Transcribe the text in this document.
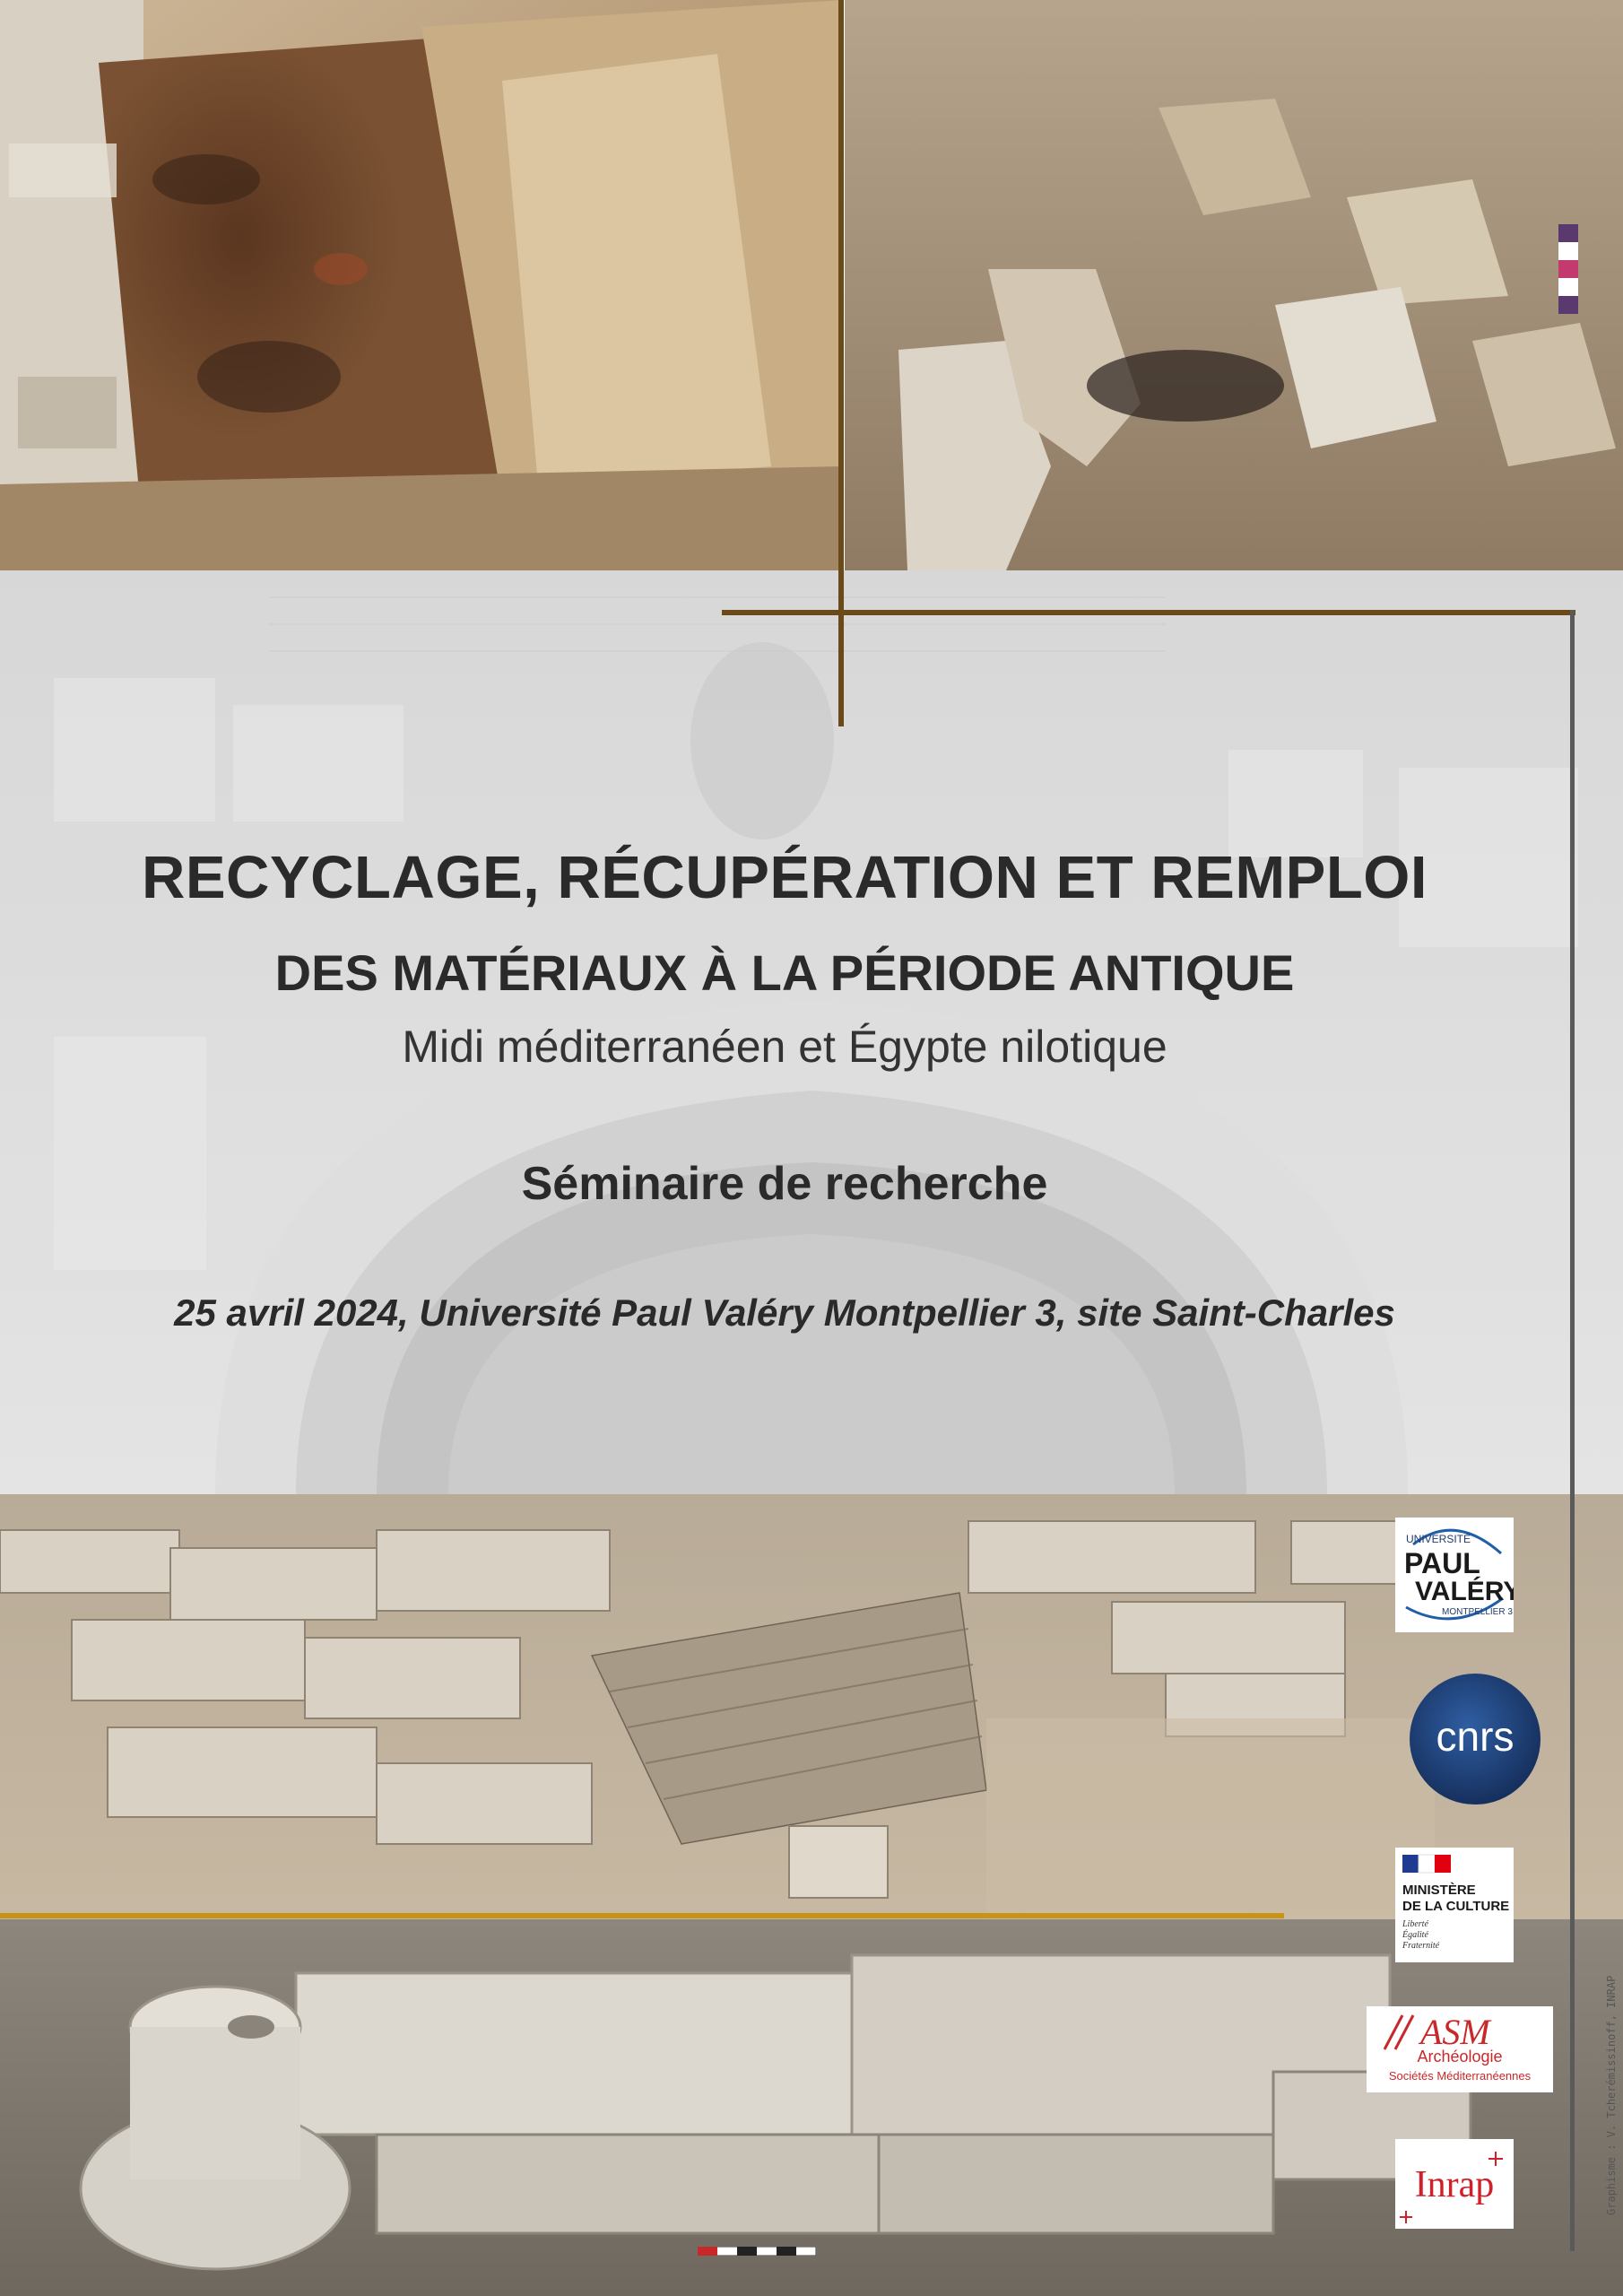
RECYCLAGE, RÉCUPÉRATION ET REMPLOI
DES MATÉRIAUX À LA PÉRIODE ANTIQUE
Midi méditerranéen et Égypte nilotique
Séminaire de recherche
25 avril 2024, Université Paul Valéry Montpellier 3, site Saint-Charles
UNIVERSITÉ
PAUL
VALÉRY
MONTPELLIER 3
cnrs
MINISTÈRE
DE LA CULTURE
Liberté
Égalité
Fraternité
ASM
Archéologie
Sociétés Méditerranéennes
Inrap	Graphisme : V. Tcherémissinoff, INRAP
